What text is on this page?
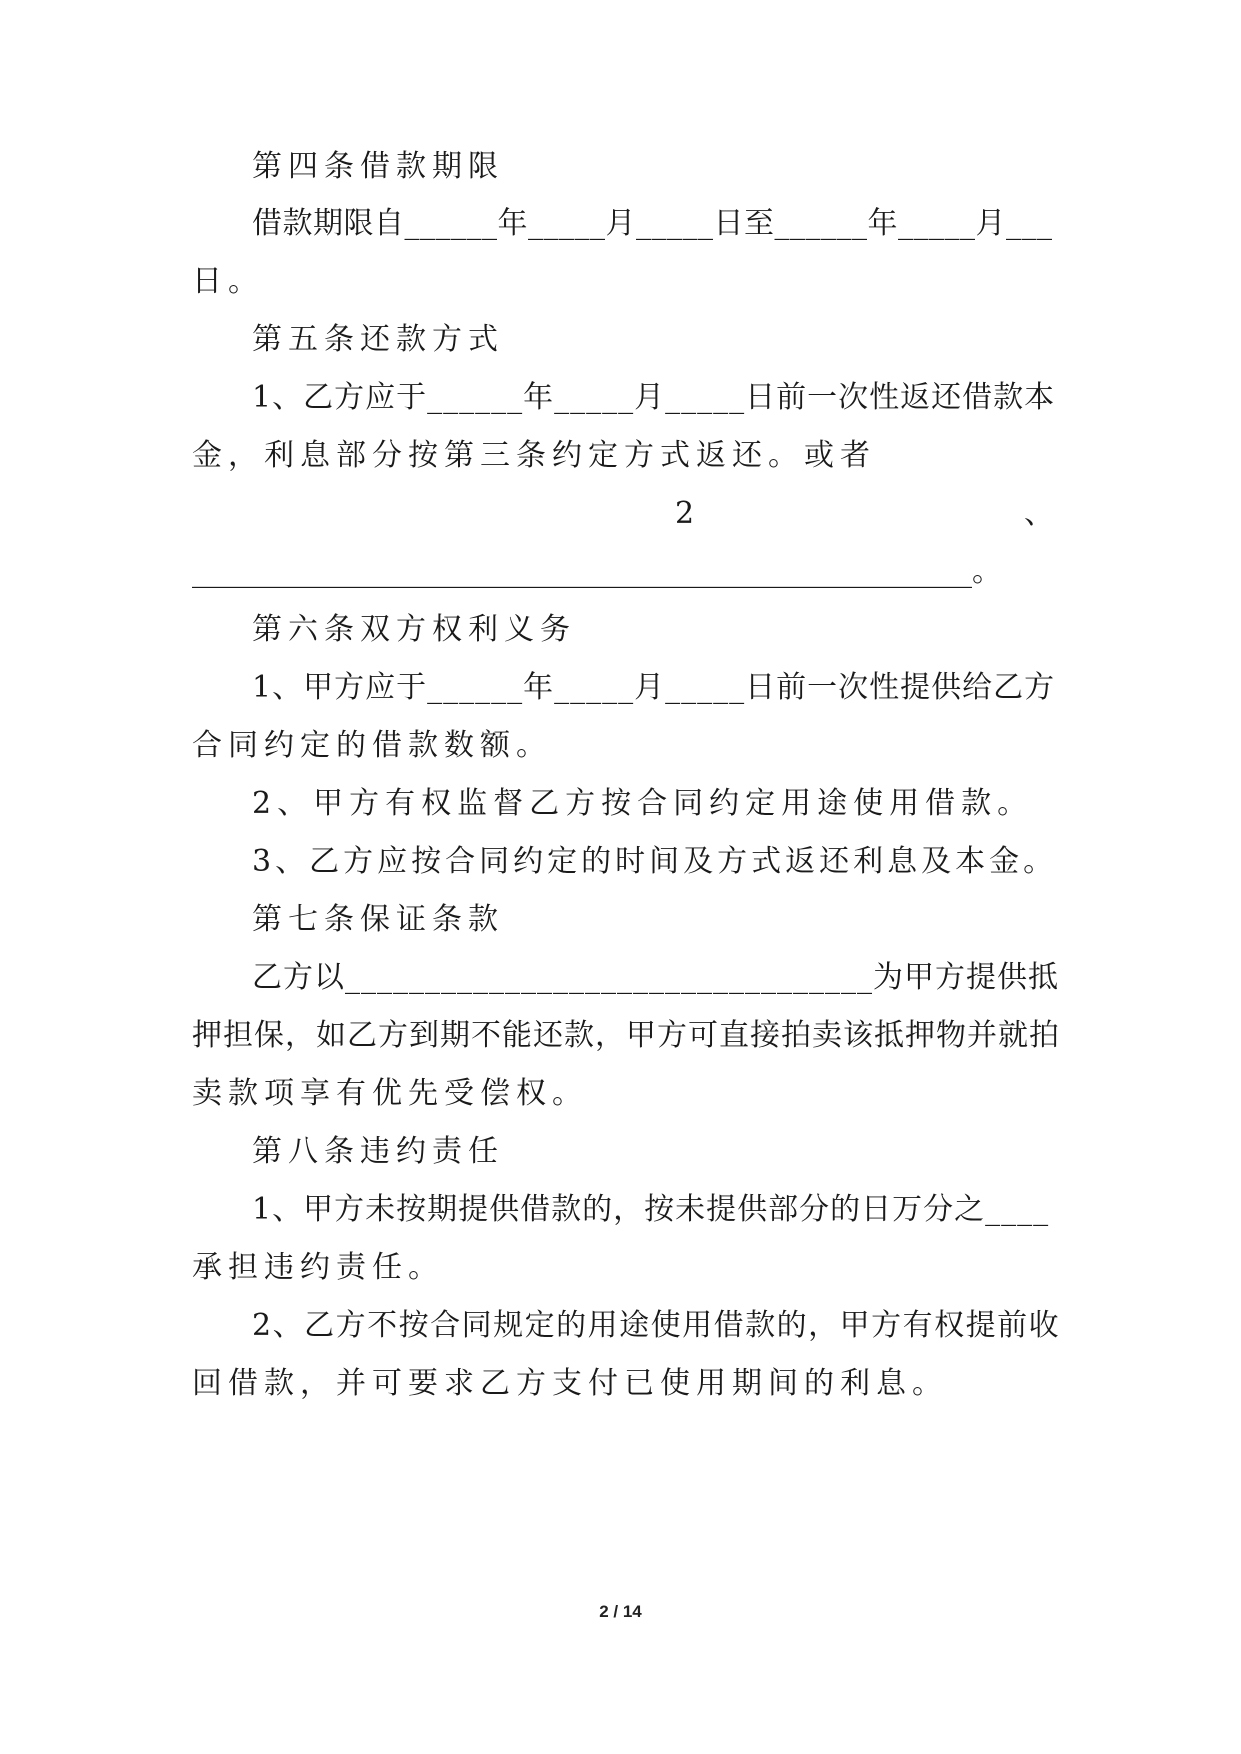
第四条借款期限

借款期限自______年_____月_____日至______年_____月___

日。

第五条还款方式

1、乙方应于______年_____月_____日前一次性返还借款本

金，利息部分按第三条约定方式返还。或者

2	、

____________________________________________________。

第六条双方权利义务

1、甲方应于______年_____月_____日前一次性提供给乙方

合同约定的借款数额。

2、甲方有权监督乙方按合同约定用途使用借款。

3、乙方应按合同约定的时间及方式返还利息及本金。

第七条保证条款

乙方以_________________________________为甲方提供抵

押担保，如乙方到期不能还款，甲方可直接拍卖该抵押物并就拍

卖款项享有优先受偿权。

第八条违约责任

1、甲方未按期提供借款的，按未提供部分的日万分之____

承担违约责任。

2、乙方不按合同规定的用途使用借款的，甲方有权提前收

回借款，并可要求乙方支付已使用期间的利息。

2 / 14
